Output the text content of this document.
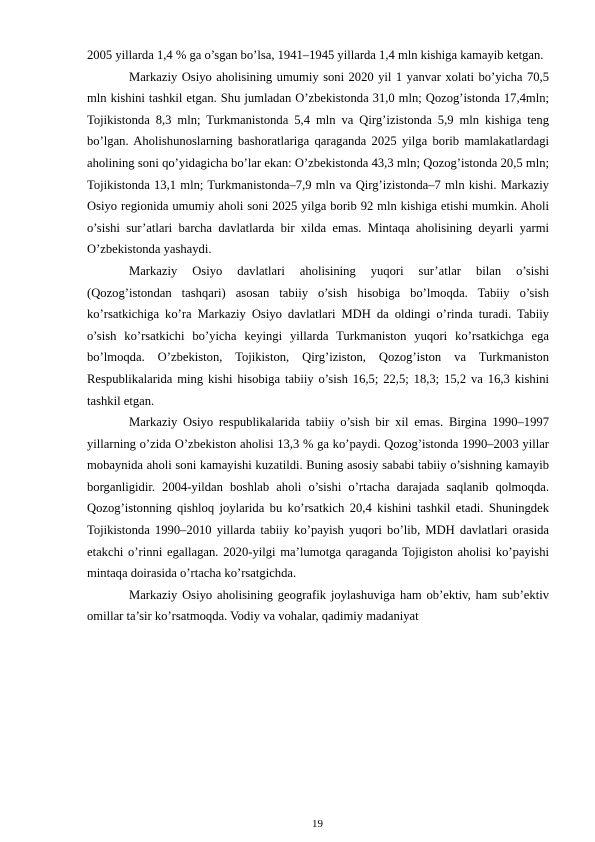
2005 yillarda 1,4 % ga o’sgan bo’lsa, 1941–1945 yillarda 1,4 mln kishiga kamayib ketgan.

Markaziy Osiyo aholisining umumiy soni 2020 yil 1 yanvar xolati bo’yicha 70,5 mln kishini tashkil etgan. Shu jumladan O’zbekistonda 31,0 mln; Qozog’istonda 17,4mln; Tojikistonda 8,3 mln; Turkmanistonda 5,4 mln va Qirg’izistonda 5,9 mln kishiga teng bo’lgan. Aholishunoslarning bashoratlariga qaraganda 2025 yilga borib mamlakatlardagi aholining soni qo’yidagicha bo’lar ekan: O’zbekistonda 43,3 mln; Qozog’istonda 20,5 mln; Tojikistonda 13,1 mln; Turkmanistonda–7,9 mln va Qirg’izistonda–7 mln kishi. Markaziy Osiyo regionida umumiy aholi soni 2025 yilga borib 92 mln kishiga etishi mumkin. Aholi o’sishi sur’atlari barcha davlatlarda bir xilda emas. Mintaqa aholisining deyarli yarmi O’zbekistonda yashaydi.

Markaziy Osiyo davlatlari aholisining yuqori sur’atlar bilan o’sishi (Qozog’istondan tashqari) asosan tabiiy o’sish hisobiga bo’lmoqda. Tabiiy o’sish ko’rsatkichiga ko’ra Markaziy Osiyo davlatlari MDH da oldingi o’rinda turadi. Tabiiy o’sish ko’rsatkichi bo’yicha keyingi yillarda Turkmaniston yuqori ko’rsatkichga ega bo’lmoqda. O’zbekiston, Tojikiston, Qirg’iziston, Qozog’iston va Turkmaniston Respublikalarida ming kishi hisobiga tabiiy o’sish 16,5; 22,5; 18,3; 15,2 va 16,3 kishini tashkil etgan.

Markaziy Osiyo respublikalarida tabiiy o’sish bir xil emas. Birgina 1990–1997 yillarning o’zida O’zbekiston aholisi 13,3 % ga ko’paydi. Qozog’istonda 1990–2003 yillar mobaynida aholi soni kamayishi kuzatildi. Buning asosiy sababi tabiiy o’sishning kamayib borganligidir. 2004-yildan boshlab aholi o’sishi o’rtacha darajada saqlanib qolmoqda. Qozog’istonning qishloq joylarida bu ko’rsatkich 20,4 kishini tashkil etadi. Shuningdek Tojikistonda 1990–2010 yillarda tabiiy ko’payish yuqori bo’lib, MDH davlatlari orasida etakchi o’rinni egallagan. 2020-yilgi ma’lumotga qaraganda Tojigiston aholisi ko’payishi mintaqa doirasida o’rtacha ko’rsatgichda.

Markaziy Osiyo aholisining geografik joylashuviga ham ob’ektiv, ham sub’ektiv omillar ta’sir ko’rsatmoqda. Vodiy va vohalar, qadimiy madaniyat

19
